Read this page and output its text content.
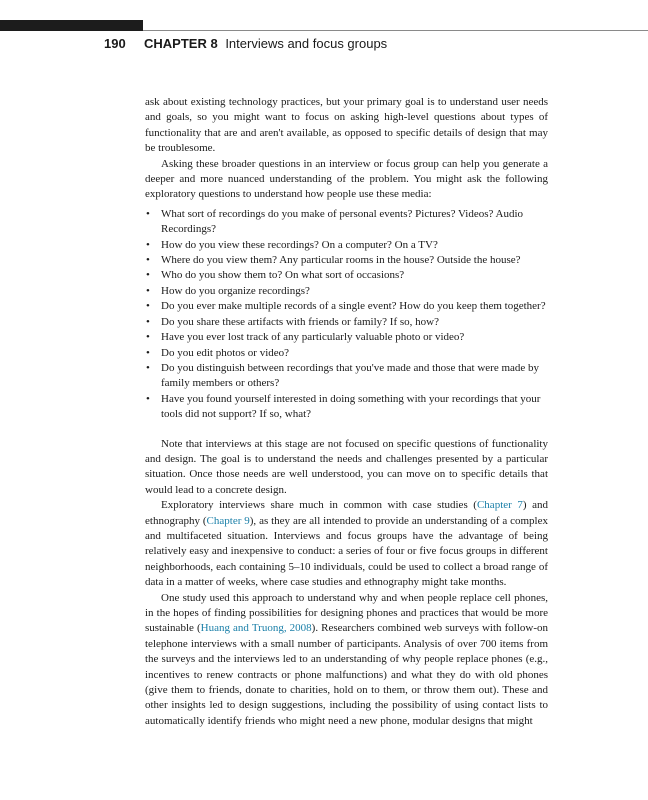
190 CHAPTER 8 Interviews and focus groups

ask about existing technology practices, but your primary goal is to understand user needs and goals, so you might want to focus on asking high-level questions about types of functionality that are and aren't available, as opposed to specific details of design that may be troublesome.

Asking these broader questions in an interview or focus group can help you generate a deeper and more nuanced understanding of the problem. You might ask the following exploratory questions to understand how people use these media:

• What sort of recordings do you make of personal events? Pictures? Videos? Audio Recordings?
• How do you view these recordings? On a computer? On a TV?
• Where do you view them? Any particular rooms in the house? Outside the house?
• Who do you show them to? On what sort of occasions?
• How do you organize recordings?
• Do you ever make multiple records of a single event? How do you keep them together?
• Do you share these artifacts with friends or family? If so, how?
• Have you ever lost track of any particularly valuable photo or video?
• Do you edit photos or video?
• Do you distinguish between recordings that you've made and those that were made by family members or others?
• Have you found yourself interested in doing something with your recordings that your tools did not support? If so, what?

Note that interviews at this stage are not focused on specific questions of functionality and design. The goal is to understand the needs and challenges presented by a particular situation. Once those needs are well understood, you can move on to specific details that would lead to a concrete design.

Exploratory interviews share much in common with case studies (Chapter 7) and ethnography (Chapter 9), as they are all intended to provide an understanding of a complex and multifaceted situation. Interviews and focus groups have the advantage of being relatively easy and inexpensive to conduct: a series of four or five focus groups in different neighborhoods, each containing 5–10 individuals, could be used to collect a broad range of data in a matter of weeks, where case studies and ethnography might take months.

One study used this approach to understand why and when people replace cell phones, in the hopes of finding possibilities for designing phones and practices that would be more sustainable (Huang and Truong, 2008). Researchers combined web surveys with follow-on telephone interviews with a small number of participants. Analysis of over 700 items from the surveys and the interviews led to an understanding of why people replace phones (e.g., incentives to renew contracts or phone malfunctions) and what they do with old phones (give them to friends, donate to charities, hold on to them, or throw them out). These and other insights led to design suggestions, including the possibility of using contact lists to automatically identify friends who might need a new phone, modular designs that might
